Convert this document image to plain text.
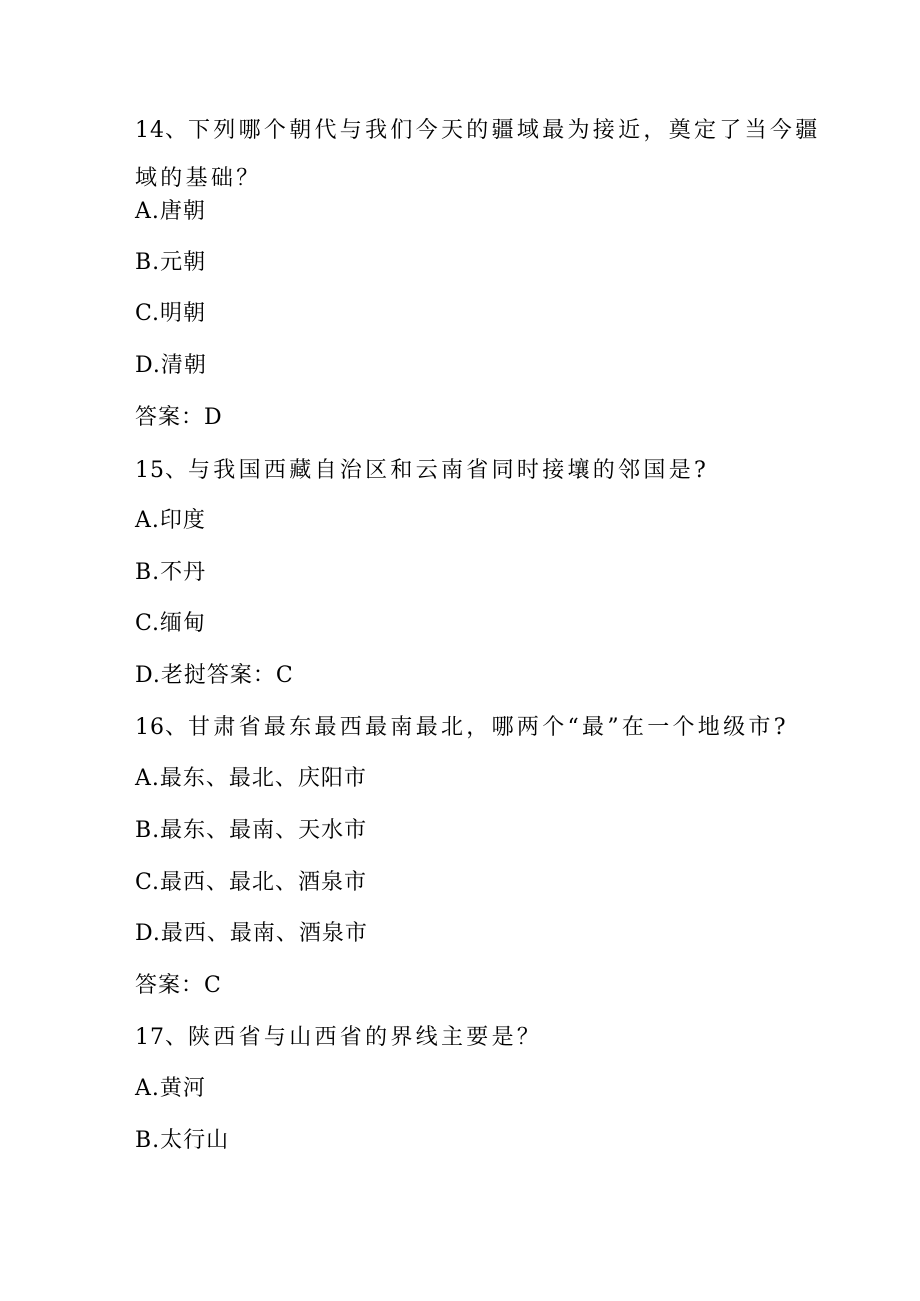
14、下列哪个朝代与我们今天的疆域最为接近，奠定了当今疆
域的基础？
A.唐朝
B.元朝
C.明朝
D.清朝
答案：D
15、与我国西藏自治区和云南省同时接壤的邻国是?
A.印度
B.不丹
C.缅甸
D.老挝答案：C
16、甘肃省最东最西最南最北，哪两个“最”在一个地级市?
A.最东、最北、庆阳市
B.最东、最南、天水市
C.最西、最北、酒泉市
D.最西、最南、酒泉市
答案：C
17、陕西省与山西省的界线主要是？
A.黄河
B.太行山
